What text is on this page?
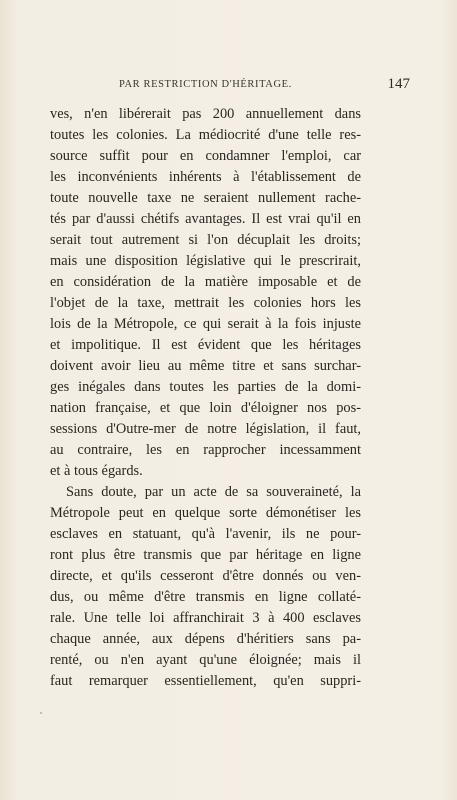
PAR RESTRICTION D'HÉRITAGE.	147
ves, n'en libérerait pas 200 annuellement dans
toutes les colonies. La médiocrité d'une telle res-
source suffit pour en condamner l'emploi, car
les inconvénients inhérents à l'établissement de
toute nouvelle taxe ne seraient nullement rache-
tés par d'aussi chétifs avantages. Il est vrai qu'il en
serait tout autrement si l'on décuplait les droits;
mais une disposition législative qui le prescrirait,
en considération de la matière imposable et de
l'objet de la taxe, mettrait les colonies hors les
lois de la Métropole, ce qui serait à la fois injuste
et impolitique. Il est évident que les héritages
doivent avoir lieu au même titre et sans surchar-
ges inégales dans toutes les parties de la domi-
nation française, et que loin d'éloigner nos pos-
sessions d'Outre-mer de notre législation, il faut,
au contraire, les en rapprocher incessamment
et à tous égards.
Sans doute, par un acte de sa souveraineté, la
Métropole peut en quelque sorte démonétiser les
esclaves en statuant, qu'à l'avenir, ils ne pour-
ront plus être transmis que par héritage en ligne
directe, et qu'ils cesseront d'être donnés ou ven-
dus, ou même d'être transmis en ligne collaté-
rale. Une telle loi affranchirait 3 à 400 esclaves
chaque année, aux dépens d'héritiers sans pa-
renté, ou n'en ayant qu'une éloignée; mais il
faut remarquer essentiellement, qu'en suppri-
